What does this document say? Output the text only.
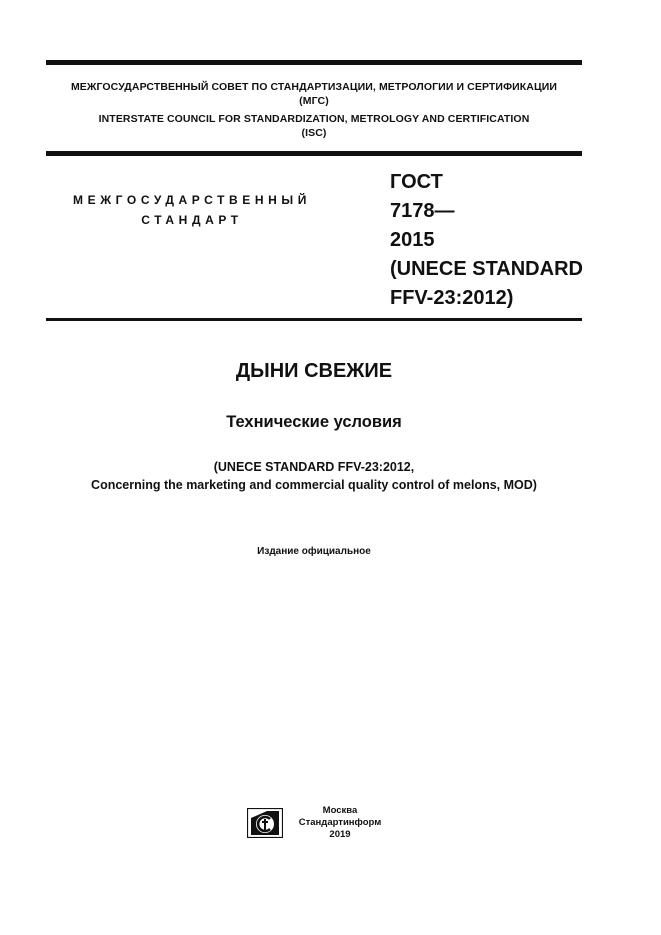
МЕЖГОСУДАРСТВЕННЫЙ СОВЕТ ПО СТАНДАРТИЗАЦИИ, МЕТРОЛОГИИ И СЕРТИФИКАЦИИ
(МГС)
INTERSTATE COUNCIL FOR STANDARDIZATION, METROLOGY AND CERTIFICATION
(ISC)
МЕЖГОСУДАРСТВЕННЫЙ
СТАНДАРТ
ГОСТ
7178—
2015
(UNECE STANDARD
FFV-23:2012)
ДЫНИ СВЕЖИЕ
Технические условия
(UNECE STANDARD FFV-23:2012,
Concerning the marketing and commercial quality control of melons, MOD)
Издание официальное
Москва
Стандартинформ
2019
